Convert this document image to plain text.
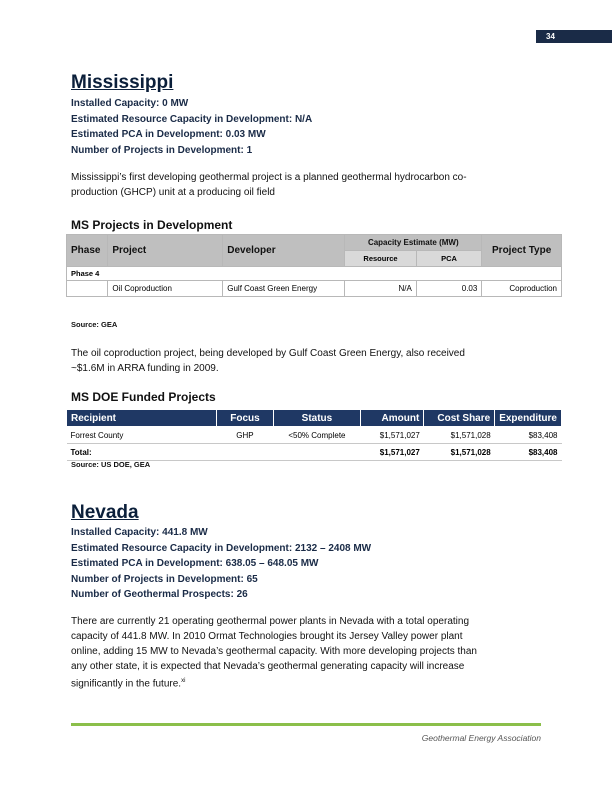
34
Mississippi
Installed Capacity: 0 MW
Estimated Resource Capacity in Development: N/A
Estimated PCA in Development: 0.03 MW
Number of Projects in Development: 1
Mississippi’s first developing geothermal project is a planned geothermal hydrocarbon co-
production (GHCP) unit at a producing oil field
MS Projects in Development
Phase	Project	Developer	Capacity Estimate (MW)		Project Type
			Resource	PCA	
Phase 4					
	Oil Coproduction	Gulf Coast Green Energy	N/A	0.03	Coproduction
Source: GEA
The oil coproduction project, being developed by Gulf Coast Green Energy, also received
~$1.6M in ARRA funding in 2009.
MS DOE Funded Projects
Recipient	Focus	Status	Amount	Cost Share	Expenditure
Forrest County	GHP	<50% Complete	$1,571,027	$1,571,028	$83,408
Total:			$1,571,027	$1,571,028	$83,408
Source: US DOE, GEA
Nevada
Installed Capacity: 441.8 MW
Estimated Resource Capacity in Development: 2132 – 2408 MW
Estimated PCA in Development: 638.05 – 648.05 MW
Number of Projects in Development: 65
Number of Geothermal Prospects: 26
There are currently 21 operating geothermal power plants in Nevada with a total operating
capacity of 441.8 MW. In 2010 Ormat Technologies brought its Jersey Valley power plant
online, adding 15 MW to Nevada’s geothermal capacity. With more developing projects than
any other state, it is expected that Nevada’s geothermal generating capacity will increase
significantly in the future.$^{xi}$
Geothermal Energy Association
